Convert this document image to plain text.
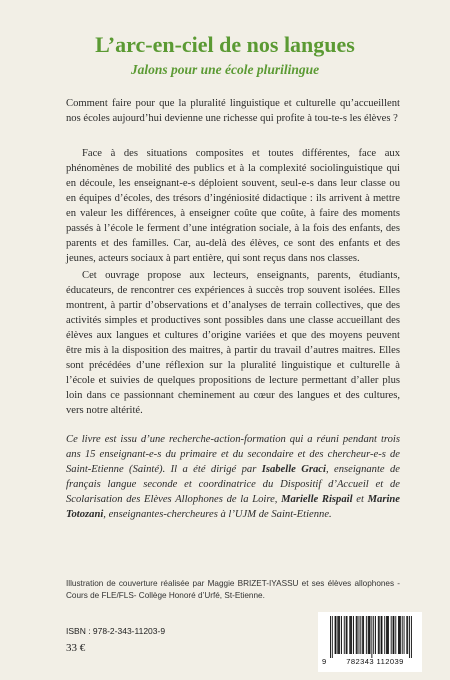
L’arc-en-ciel de nos langues
Jalons pour une école plurilingue

Comment faire pour que la pluralité linguistique et culturelle qu’accueillent nos écoles aujourd’hui devienne une richesse qui profite à tou-te-s les élèves ?

Face à des situations composites et toutes différentes, face aux phénomènes de mobilité des publics et à la complexité sociolinguistique qui en découle, les enseignant-e-s déploient souvent, seul-e-s dans leur classe ou en équipes d’écoles, des trésors d’ingéniosité didactique : ils arrivent à mettre en valeur les différences, à enseigner coûte que coûte, à faire des moments passés à l’école le ferment d’une intégration sociale, à la fois des enfants, des parents et des familles. Car, au-delà des élèves, ce sont des enfants et des jeunes, acteurs sociaux à part entière, qui sont reçus dans nos classes.

Cet ouvrage propose aux lecteurs, enseignants, parents, étudiants, éducateurs, de rencontrer ces expériences à succès trop souvent isolées. Elles montrent, à partir d’observations et d’analyses de terrain collectives, que des activités simples et productives sont possibles dans une classe accueillant des élèves aux langues et cultures d’origine variées et que des moyens peuvent être mis à la disposition des maitres, à partir du travail d’autres maitres. Elles sont précédées d’une réflexion sur la pluralité linguistique et culturelle à l’école et suivies de quelques propositions de lecture permettant d’aller plus loin dans ce passionnant cheminement au cœur des langues et des cultures, vers notre altérité.

Ce livre est issu d’une recherche-action-formation qui a réuni pendant trois ans 15 enseignant-e-s du primaire et du secondaire et des chercheur-e-s de Saint-Etienne (Sainté). Il a été dirigé par Isabelle Graci, enseignante de français langue seconde et coordinatrice du Dispositif d’Accueil et de Scolarisation des Elèves Allophones de la Loire, Marielle Rispail et Marine Totozani, enseignantes-chercheures à l’UJM de Saint-Etienne.

Illustration de couverture réalisée par Maggie BRIZET-IYASSU et ses élèves allophones - Cours de FLE/FLS- Collège Honoré d’Urfé, St-Etienne.

ISBN : 978-2-343-11203-9
33 €
9	782343 112039
